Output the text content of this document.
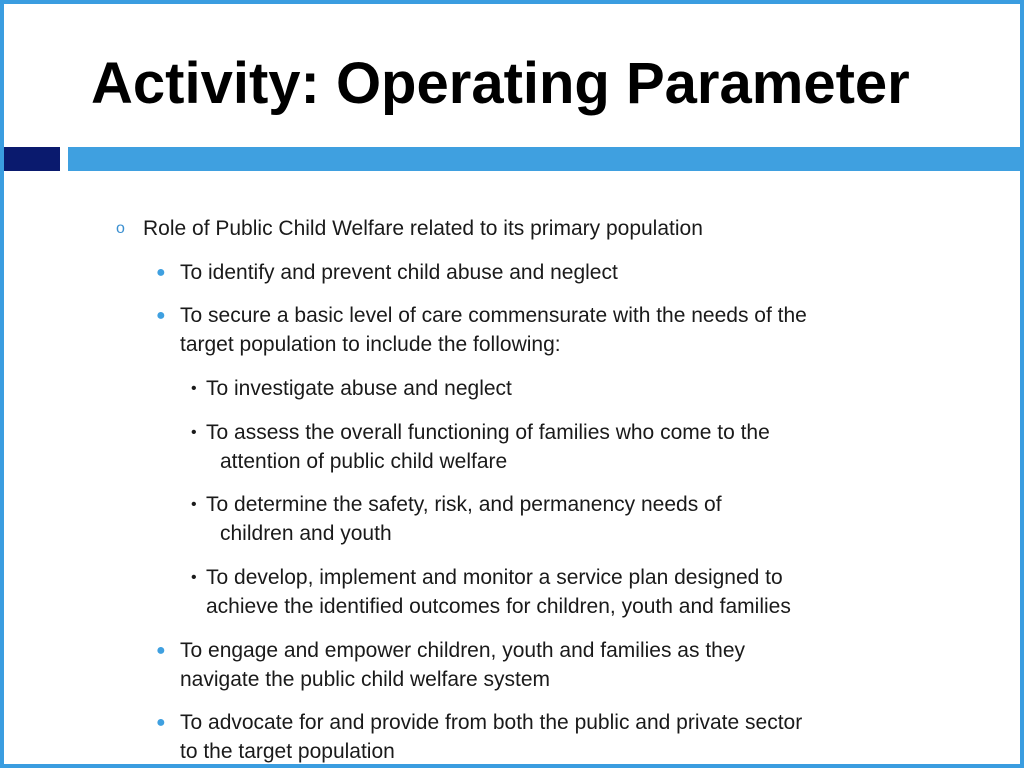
Activity: Operating Parameter
o Role of Public Child Welfare related to its primary population
● To identify and prevent child abuse and neglect
● To secure a basic level of care commensurate with the needs of the
target population to include the following:
• To investigate abuse and neglect
• To assess the overall functioning of families who come to the
attention of public child welfare
• To determine the safety, risk, and permanency needs of
children and youth
• To develop, implement and monitor a service plan designed to
achieve the identified outcomes for children, youth and families
● To engage and empower children, youth and families as they
navigate the public child welfare system
● To advocate for and provide from both the public and private sector
to the target population
